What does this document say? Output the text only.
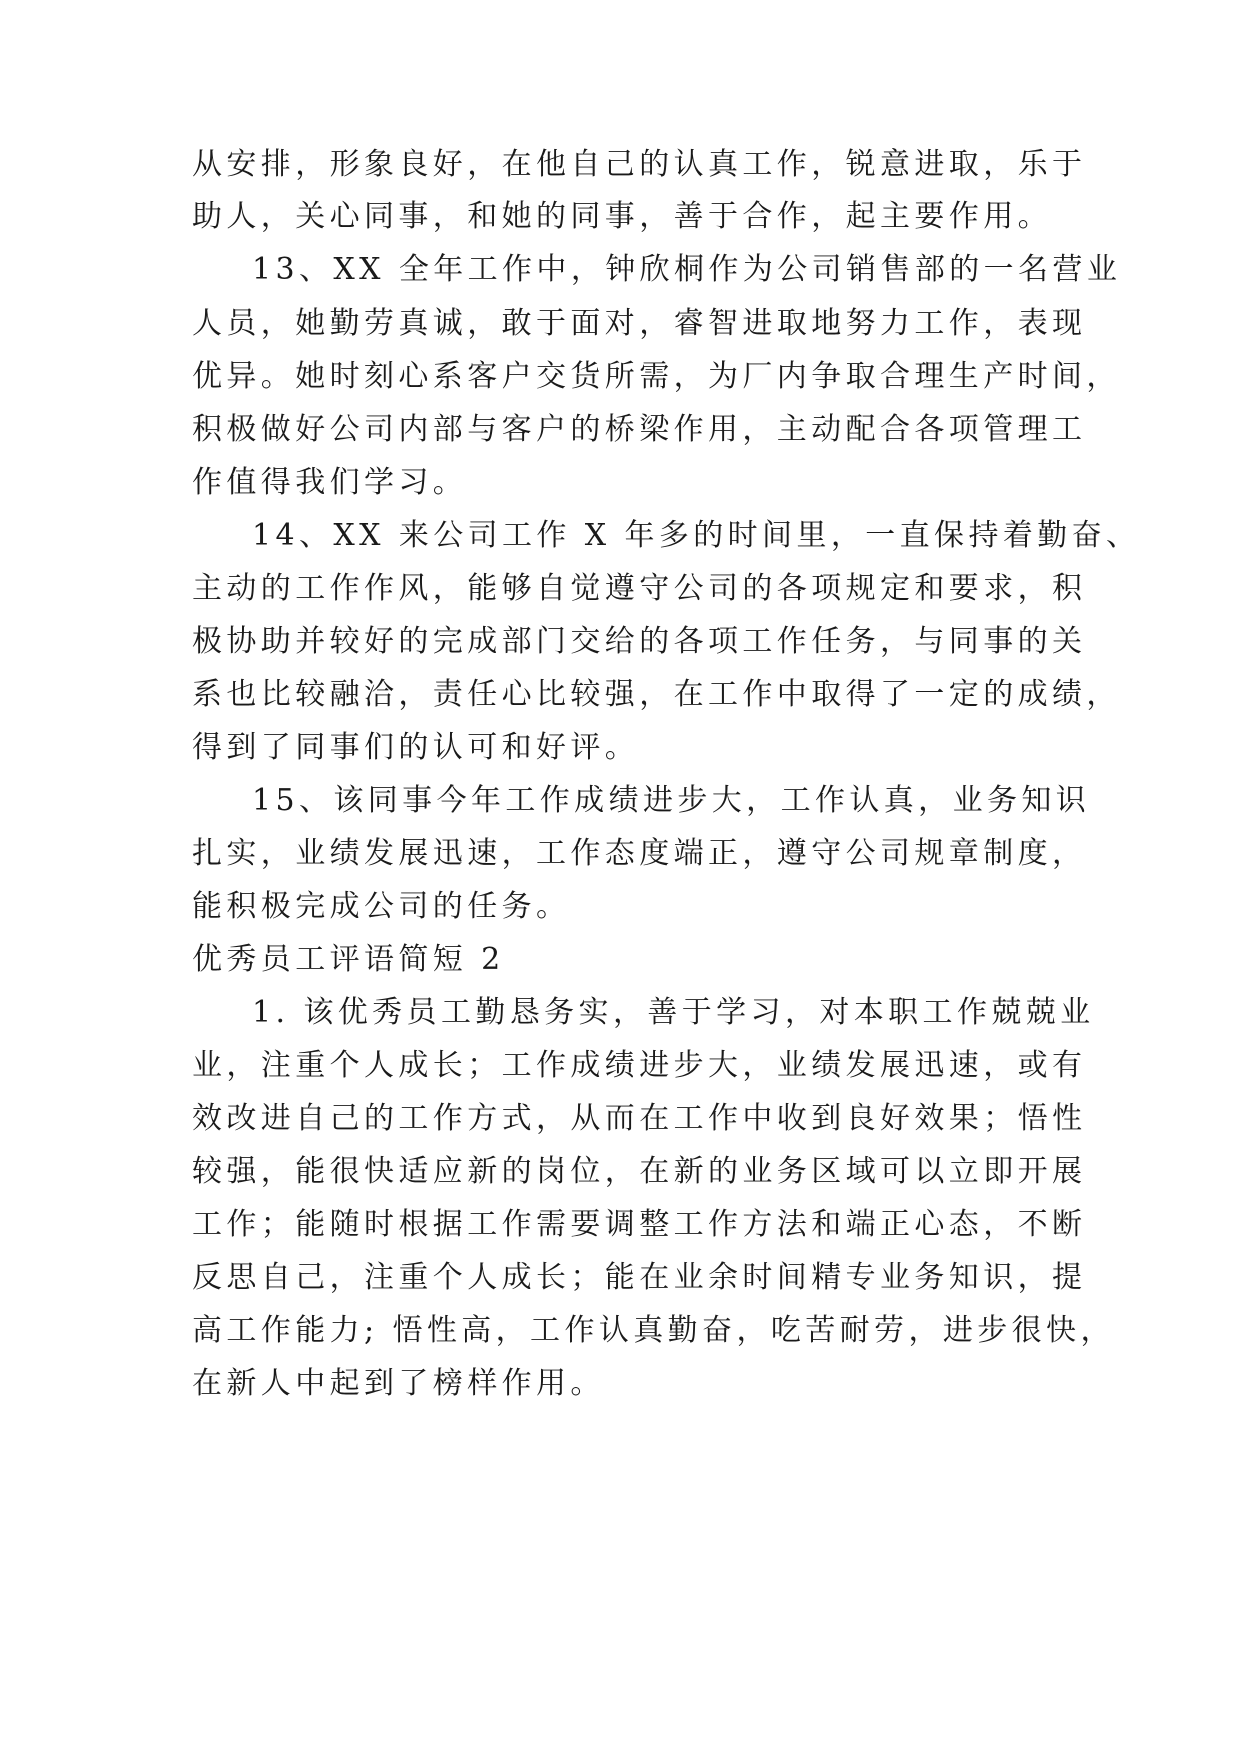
从安排，形象良好，在他自己的认真工作，锐意进取，乐于
助人，关心同事，和她的同事，善于合作，起主要作用。
13、XX 全年工作中，钟欣桐作为公司销售部的一名营业
人员，她勤劳真诚，敢于面对，睿智进取地努力工作，表现
优异。她时刻心系客户交货所需，为厂内争取合理生产时间，
积极做好公司内部与客户的桥梁作用，主动配合各项管理工
作值得我们学习。
14、XX 来公司工作 X 年多的时间里，一直保持着勤奋、
主动的工作作风，能够自觉遵守公司的各项规定和要求，积
极协助并较好的完成部门交给的各项工作任务，与同事的关
系也比较融洽，责任心比较强，在工作中取得了一定的成绩，
得到了同事们的认可和好评。
15、该同事今年工作成绩进步大，工作认真，业务知识
扎实，业绩发展迅速，工作态度端正，遵守公司规章制度，
能积极完成公司的任务。
优秀员工评语简短 2
1. 该优秀员工勤恳务实，善于学习，对本职工作兢兢业
业，注重个人成长；工作成绩进步大，业绩发展迅速，或有
效改进自己的工作方式，从而在工作中收到良好效果；悟性
较强，能很快适应新的岗位，在新的业务区域可以立即开展
工作；能随时根据工作需要调整工作方法和端正心态，不断
反思自己，注重个人成长；能在业余时间精专业务知识，提
高工作能力; 悟性高，工作认真勤奋，吃苦耐劳，进步很快，
在新人中起到了榜样作用。
